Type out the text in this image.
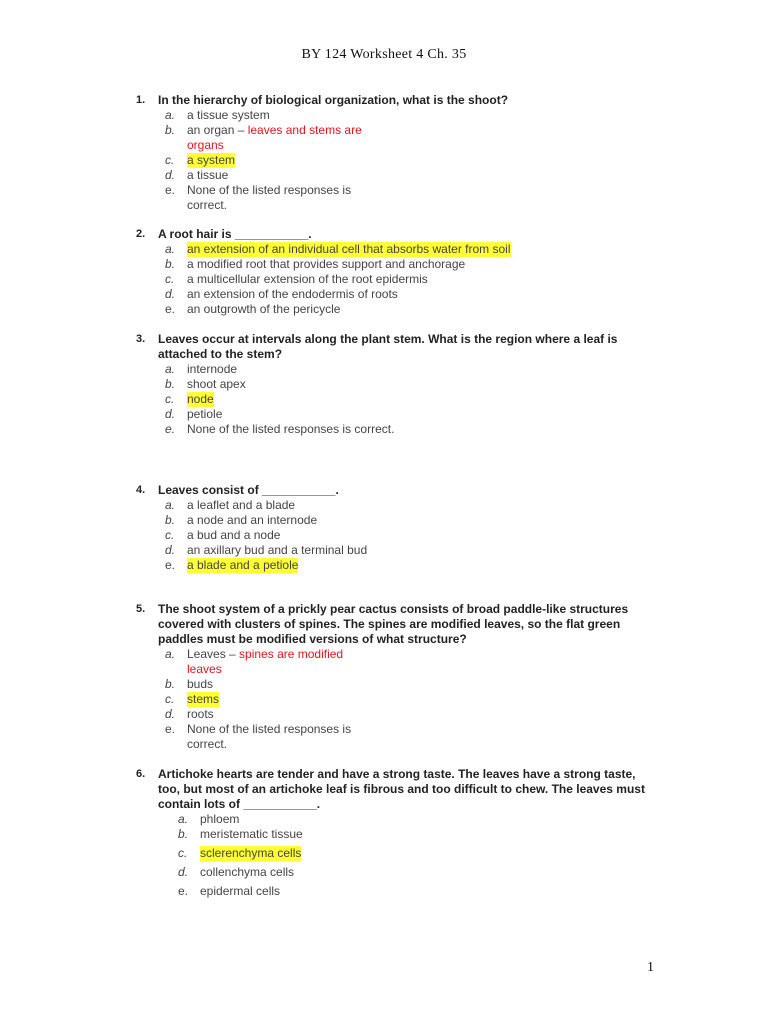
BY 124 Worksheet 4 Ch. 35
1.	In the hierarchy of biological organization, what is the shoot?
a. a tissue system
b. an organ – leaves and stems are organs
c.	a system
d. a tissue
e. None of the listed responses is correct.
2.	A root hair is ___________.
a. an extension of an individual cell that absorbs water from soil
b. a modified root that provides support and anchorage
c.	a multicellular extension of the root epidermis
d. an extension of the endodermis of roots
e. an outgrowth of the pericycle
3.	Leaves occur at intervals along the plant stem. What is the region where a leaf is attached to the stem?
a. internode
b. shoot apex
c.	node
d. petiole
e. None of the listed responses is correct.
4.	Leaves consist of ___________.
a. a leaflet and a blade
b. a node and an internode
c.	a bud and a node
d. an axillary bud and a terminal bud
e. a blade and a petiole
5.	The shoot system of a prickly pear cactus consists of broad paddle-like structures covered with clusters of spines. The spines are modified leaves, so the flat green paddles must be modified versions of what structure?
a. Leaves – spines are modified leaves
b. buds
c.	stems
d. roots
e. None of the listed responses is correct.
6.	Artichoke hearts are tender and have a strong taste. The leaves have a strong taste, too, but most of an artichoke leaf is fibrous and too difficult to chew. The leaves must contain lots of ___________.
a. phloem
b. meristematic tissue
c.	sclerenchyma cells
d. collenchyma cells
e. epidermal cells
1
